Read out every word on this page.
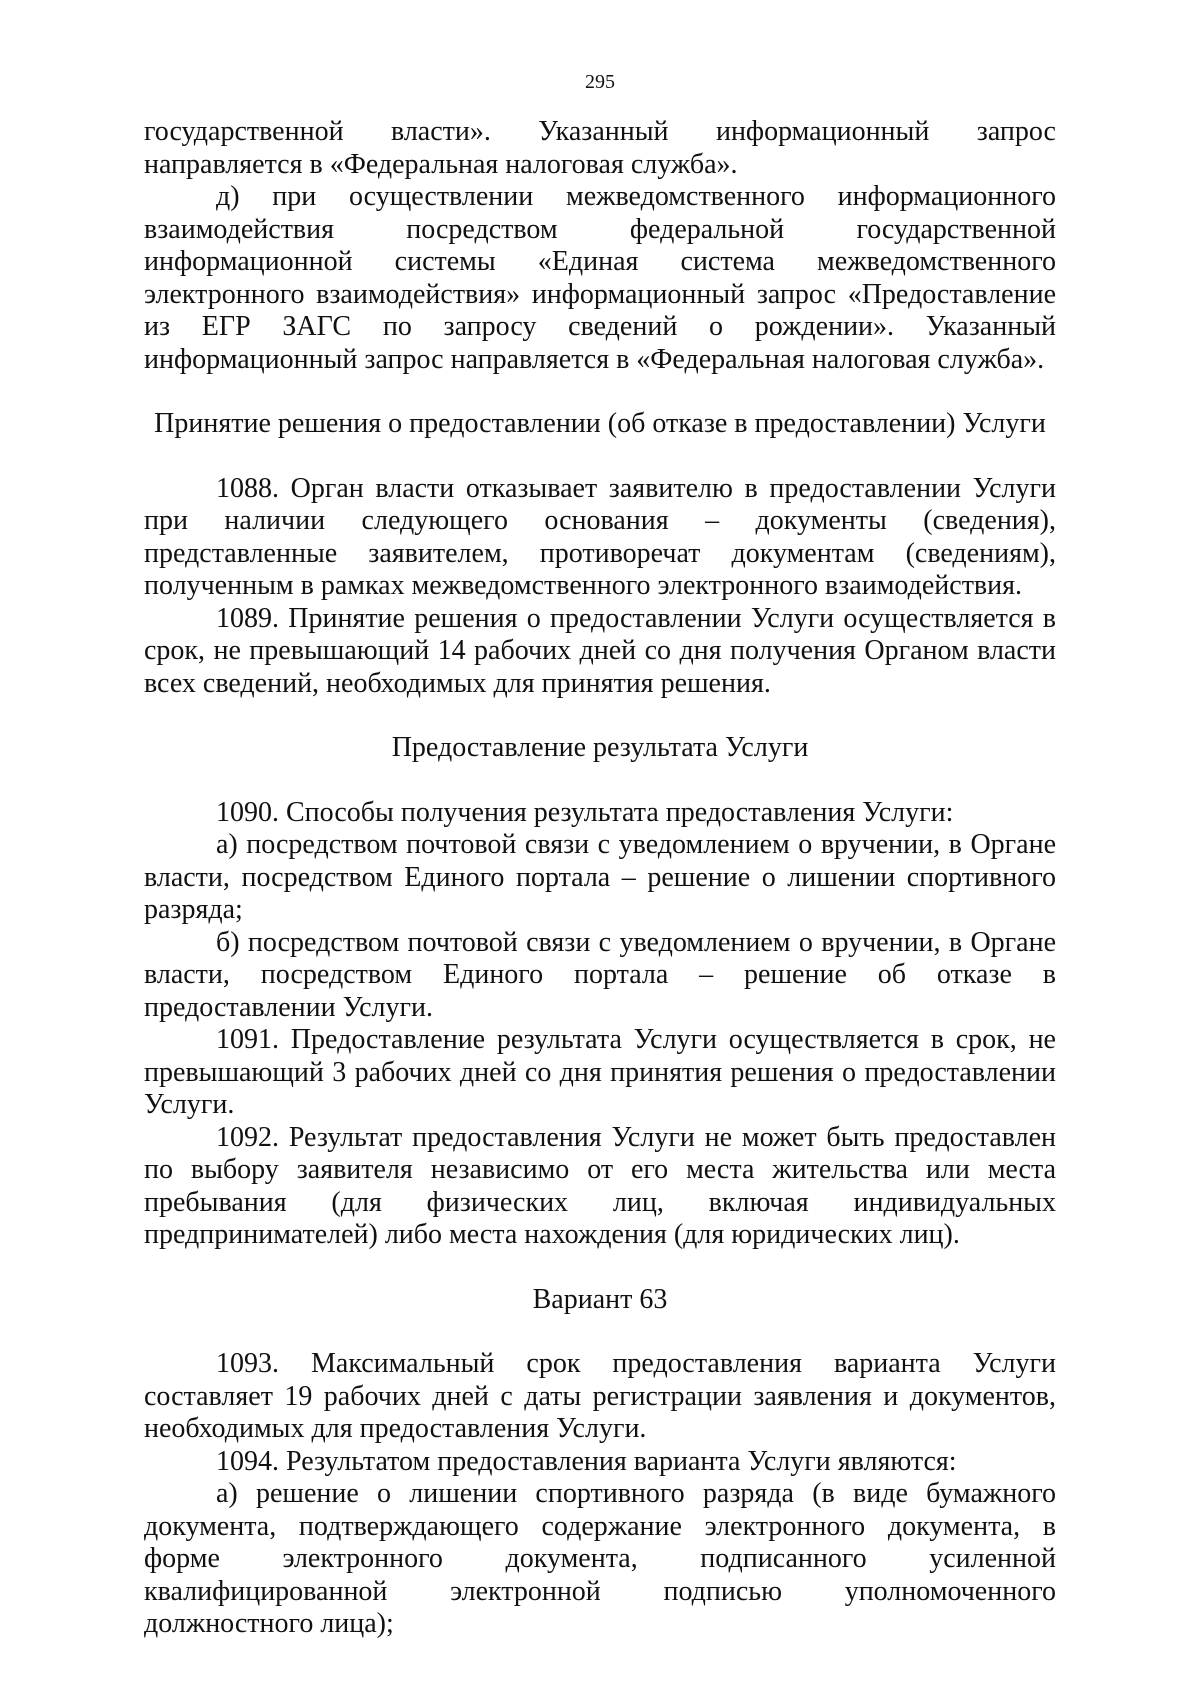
295

государственной власти». Указанный информационный запрос направляется в «Федеральная налоговая служба».

д) при осуществлении межведомственного информационного взаимодействия посредством федеральной государственной информационной системы «Единая система межведомственного электронного взаимодействия» информационный запрос «Предоставление из ЕГР ЗАГС по запросу сведений о рождении». Указанный информационный запрос направляется в «Федеральная налоговая служба».

Принятие решения о предоставлении (об отказе в предоставлении) Услуги

1088. Орган власти отказывает заявителю в предоставлении Услуги при наличии следующего основания – документы (сведения), представленные заявителем, противоречат документам (сведениям), полученным в рамках межведомственного электронного взаимодействия.

1089. Принятие решения о предоставлении Услуги осуществляется в срок, не превышающий 14 рабочих дней со дня получения Органом власти всех сведений, необходимых для принятия решения.

Предоставление результата Услуги

1090. Способы получения результата предоставления Услуги:

а) посредством почтовой связи с уведомлением о вручении, в Органе власти, посредством Единого портала – решение о лишении спортивного разряда;

б) посредством почтовой связи с уведомлением о вручении, в Органе власти, посредством Единого портала – решение об отказе в предоставлении Услуги.

1091. Предоставление результата Услуги осуществляется в срок, не превышающий 3 рабочих дней со дня принятия решения о предоставлении Услуги.

1092. Результат предоставления Услуги не может быть предоставлен по выбору заявителя независимо от его места жительства или места пребывания (для физических лиц, включая индивидуальных предпринимателей) либо места нахождения (для юридических лиц).

Вариант 63

1093. Максимальный срок предоставления варианта Услуги составляет 19 рабочих дней с даты регистрации заявления и документов, необходимых для предоставления Услуги.

1094. Результатом предоставления варианта Услуги являются:

а) решение о лишении спортивного разряда (в виде бумажного документа, подтверждающего содержание электронного документа, в форме электронного документа, подписанного усиленной квалифицированной электронной подписью уполномоченного должностного лица);
